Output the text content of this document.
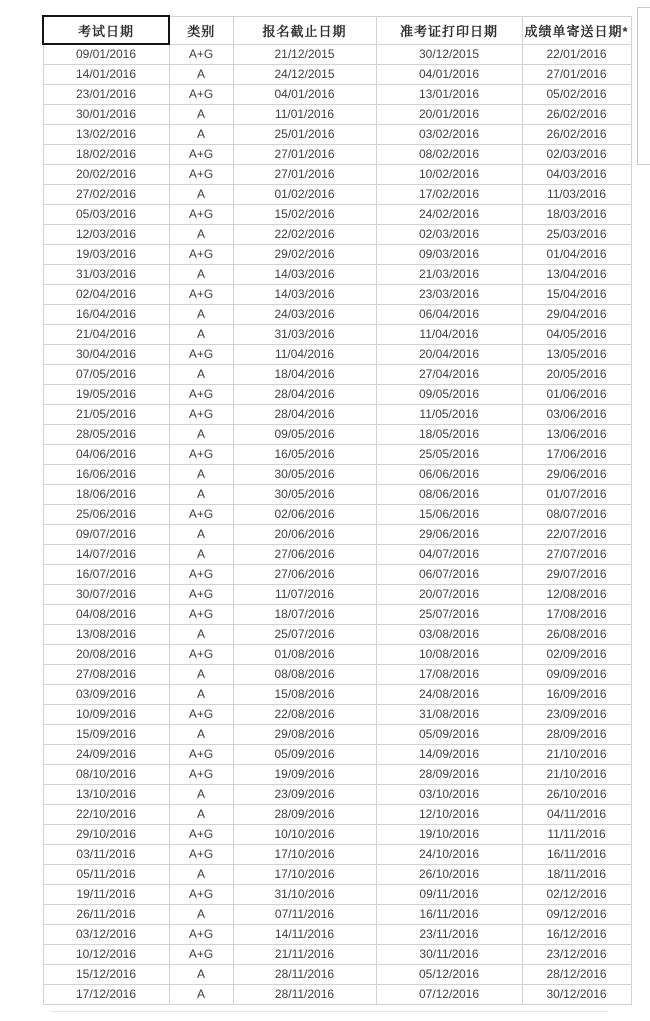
考试日期	类别	报名截止日期	准考证打印日期	成绩单寄送日期*
09/01/2016	A+G	21/12/2015	30/12/2015	22/01/2016
14/01/2016	A	24/12/2015	04/01/2016	27/01/2016
23/01/2016	A+G	04/01/2016	13/01/2016	05/02/2016
30/01/2016	A	11/01/2016	20/01/2016	26/02/2016
13/02/2016	A	25/01/2016	03/02/2016	26/02/2016
18/02/2016	A+G	27/01/2016	08/02/2016	02/03/2016
20/02/2016	A+G	27/01/2016	10/02/2016	04/03/2016
27/02/2016	A	01/02/2016	17/02/2016	11/03/2016
05/03/2016	A+G	15/02/2016	24/02/2016	18/03/2016
12/03/2016	A	22/02/2016	02/03/2016	25/03/2016
19/03/2016	A+G	29/02/2016	09/03/2016	01/04/2016
31/03/2016	A	14/03/2016	21/03/2016	13/04/2016
02/04/2016	A+G	14/03/2016	23/03/2016	15/04/2016
16/04/2016	A	24/03/2016	06/04/2016	29/04/2016
21/04/2016	A	31/03/2016	11/04/2016	04/05/2016
30/04/2016	A+G	11/04/2016	20/04/2016	13/05/2016
07/05/2016	A	18/04/2016	27/04/2016	20/05/2016
19/05/2016	A+G	28/04/2016	09/05/2016	01/06/2016
21/05/2016	A+G	28/04/2016	11/05/2016	03/06/2016
28/05/2016	A	09/05/2016	18/05/2016	13/06/2016
04/06/2016	A+G	16/05/2016	25/05/2016	17/06/2016
16/06/2016	A	30/05/2016	06/06/2016	29/06/2016
18/06/2016	A	30/05/2016	08/06/2016	01/07/2016
25/06/2016	A+G	02/06/2016	15/06/2016	08/07/2016
09/07/2016	A	20/06/2016	29/06/2016	22/07/2016
14/07/2016	A	27/06/2016	04/07/2016	27/07/2016
16/07/2016	A+G	27/06/2016	06/07/2016	29/07/2016
30/07/2016	A+G	11/07/2016	20/07/2016	12/08/2016
04/08/2016	A+G	18/07/2016	25/07/2016	17/08/2016
13/08/2016	A	25/07/2016	03/08/2016	26/08/2016
20/08/2016	A+G	01/08/2016	10/08/2016	02/09/2016
27/08/2016	A	08/08/2016	17/08/2016	09/09/2016
03/09/2016	A	15/08/2016	24/08/2016	16/09/2016
10/09/2016	A+G	22/08/2016	31/08/2016	23/09/2016
15/09/2016	A	29/08/2016	05/09/2016	28/09/2016
24/09/2016	A+G	05/09/2016	14/09/2016	21/10/2016
08/10/2016	A+G	19/09/2016	28/09/2016	21/10/2016
13/10/2016	A	23/09/2016	03/10/2016	26/10/2016
22/10/2016	A	28/09/2016	12/10/2016	04/11/2016
29/10/2016	A+G	10/10/2016	19/10/2016	11/11/2016
03/11/2016	A+G	17/10/2016	24/10/2016	16/11/2016
05/11/2016	A	17/10/2016	26/10/2016	18/11/2016
19/11/2016	A+G	31/10/2016	09/11/2016	02/12/2016
26/11/2016	A	07/11/2016	16/11/2016	09/12/2016
03/12/2016	A+G	14/11/2016	23/11/2016	16/12/2016
10/12/2016	A+G	21/11/2016	30/11/2016	23/12/2016
15/12/2016	A	28/11/2016	05/12/2016	28/12/2016
17/12/2016	A	28/11/2016	07/12/2016	30/12/2016
